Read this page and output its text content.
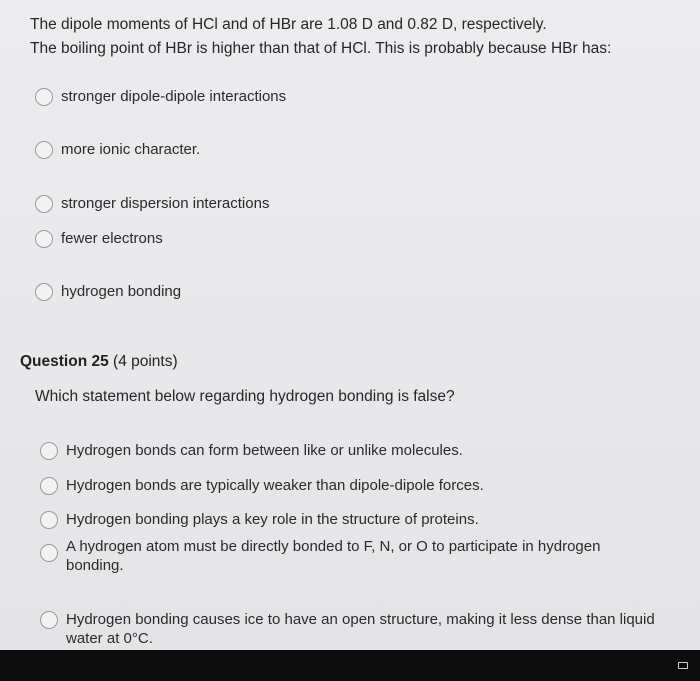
The dipole moments of HCl and of HBr are 1.08 D and 0.82 D, respectively.
The boiling point of HBr is higher than that of HCl. This is probably because HBr has:
stronger dipole-dipole interactions
more ionic character.
stronger dispersion interactions
fewer electrons
hydrogen bonding
Question 25 (4 points)
Which statement below regarding hydrogen bonding is false?
Hydrogen bonds can form between like or unlike molecules.
Hydrogen bonds are typically weaker than dipole-dipole forces.
Hydrogen bonding plays a key role in the structure of proteins.
A hydrogen atom must be directly bonded to F, N, or O to participate in hydrogen bonding.
Hydrogen bonding causes ice to have an open structure, making it less dense than liquid water at 0°C.
